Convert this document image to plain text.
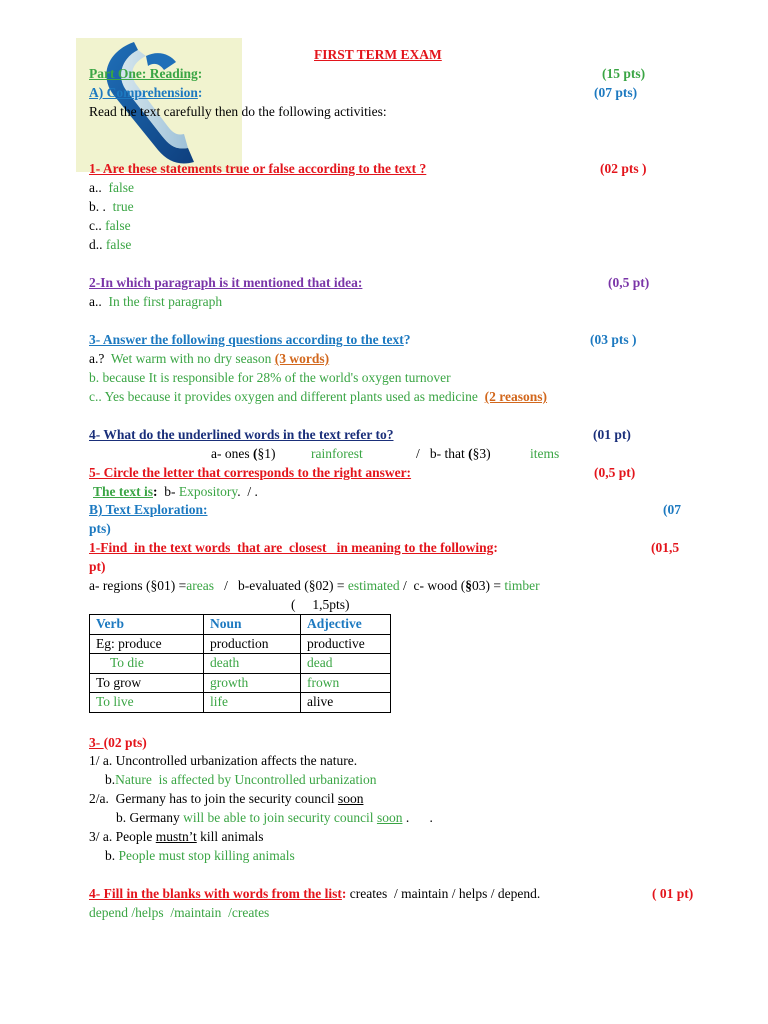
FIRST TERM EXAM
Part One: Reading:	(15 pts)
A) Comprehension:	(07 pts)
Read the text carefully then do the following activities:
1- Are these statements true or false according to the text ?	(02 pts )
a..  false
b. .  true
c.. false
d.. false
2-In which paragraph is it mentioned that idea:	(0,5 pt)
a..  In the first paragraph
3- Answer the following questions according to the text?	(03 pts )
a.?  Wet warm with no dry season (3 words)
b. because It is responsible for 28% of the world's oxygen turnover
c.. Yes because it provides oxygen and different plants used as medicine  (2 reasons)
4- What do the underlined words in the text refer to?	(01 pt)
a- ones (§1)	rainforest	/   b- that (§3)	items
5- Circle the letter that corresponds to the right answer:	(0,5 pt)
The text is:  b- Expository.  / .
B) Text Exploration:	(07
pts)
1-Find  in the text words  that are  closest   in meaning to the following:	(01,5
pt)
a- regions (§01) =areas   /   b-evaluated (§02) = estimated /  c- wood (§03) = timber
(     1,5pts)
Verb	Noun	Adjective
Eg: produce	production	productive
To die	death	dead
To grow	growth	frown
To live	life	alive
3- (02 pts)
1/ a. Uncontrolled urbanization affects the nature.
b.Nature  is affected by Uncontrolled urbanization
2/a.  Germany has to join the security council soon
b. Germany will be able to join security council soon .      .
3/ a. People mustn’t kill animals
b. People must stop killing animals
4- Fill in the blanks with words from the list: creates  / maintain / helps / depend.	( 01 pt)
depend /helps  /maintain  /creates
